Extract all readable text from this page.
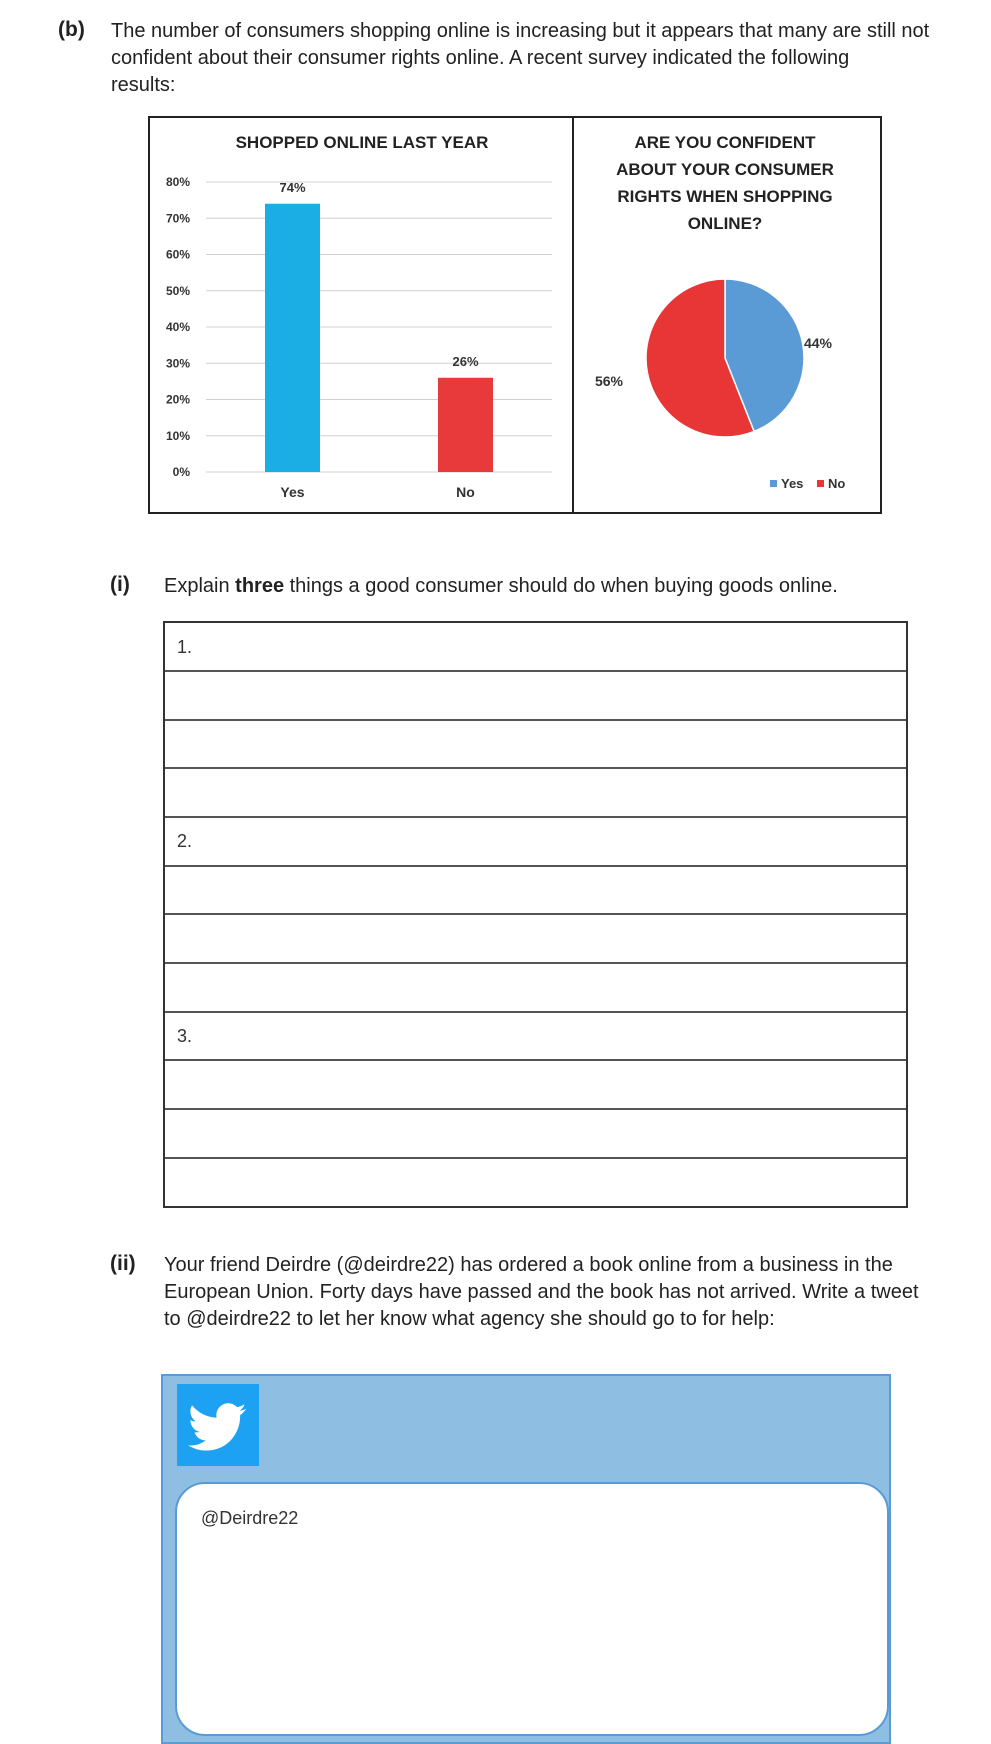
(b) The number of consumers shopping online is increasing but it appears that many are still not
confident about their consumer rights online. A recent survey indicated the following
results:
SHOPPED ONLINE LAST YEAR
0%
10%
20%
30%
40%
50%
60%
70%
80%	74%
Yes
26%
No
ARE YOU CONFIDENT
ABOUT YOUR CONSUMER
RIGHTS WHEN SHOPPING
ONLINE?
44%
56%
Yes No
(i) Explain three things a good consumer should do when buying goods online.
1.
2.
3.
(ii) Your friend Deirdre (@deirdre22) has ordered a book online from a business in the
European Union. Forty days have passed and the book has not arrived. Write a tweet
to @deirdre22 to let her know what agency she should go to for help:
@Deirdre22
